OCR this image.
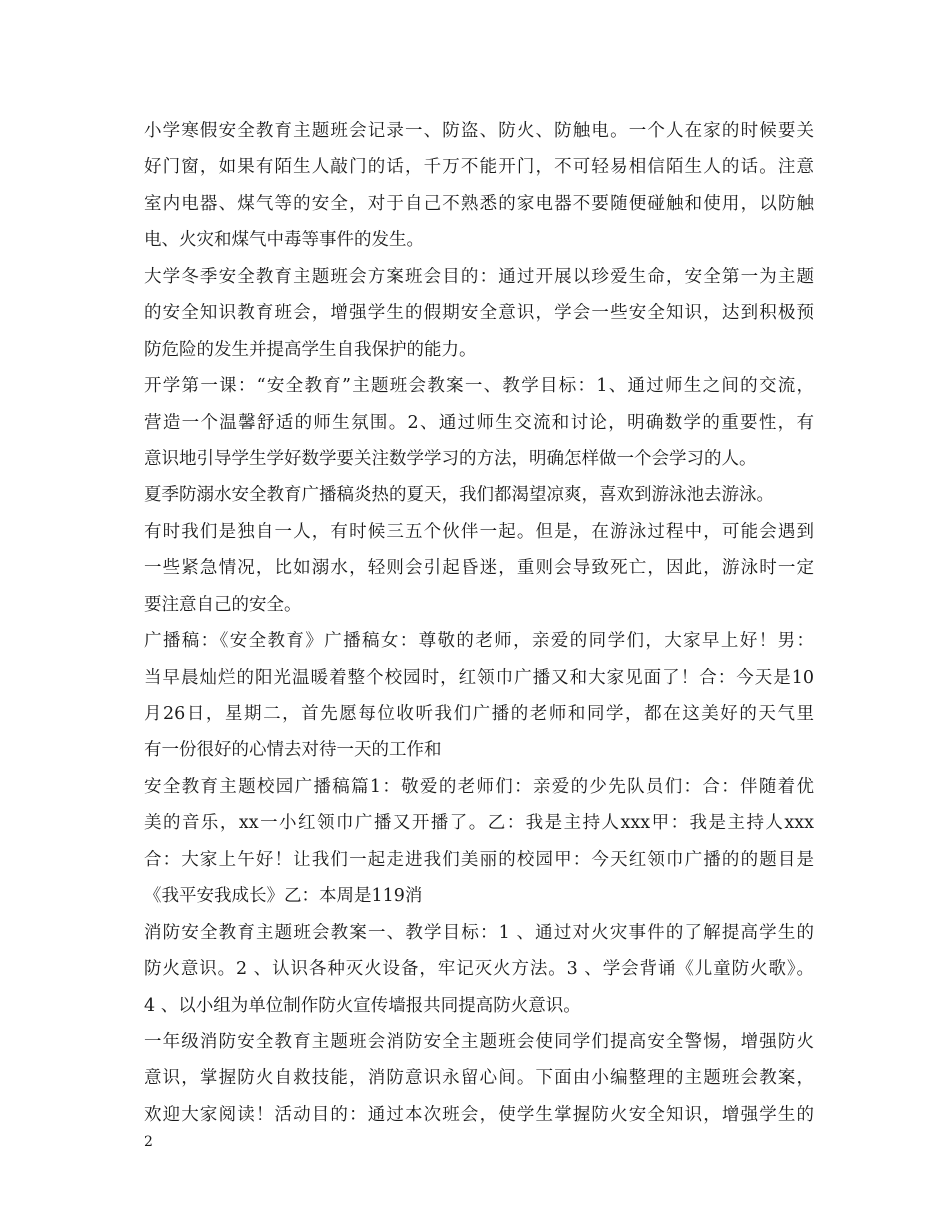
小学寒假安全教育主题班会记录一、防盗、防火、防触电。一个人在家的时候要关
好门窗，如果有陌生人敲门的话，千万不能开门，不可轻易相信陌生人的话。注意
室内电器、煤气等的安全，对于自己不熟悉的家电器不要随便碰触和使用，以防触
电、火灾和煤气中毒等事件的发生。
大学冬季安全教育主题班会方案班会目的：通过开展以珍爱生命，安全第一为主题
的安全知识教育班会，增强学生的假期安全意识，学会一些安全知识，达到积极预
防危险的发生并提高学生自我保护的能力。
开学第一课：“安全教育”主题班会教案一、教学目标：1、通过师生之间的交流，
营造一个温馨舒适的师生氛围。2、通过师生交流和讨论，明确数学的重要性，有
意识地引导学生学好数学要关注数学学习的方法，明确怎样做一个会学习的人。
夏季防溺水安全教育广播稿炎热的夏天，我们都渴望凉爽，喜欢到游泳池去游泳。
有时我们是独自一人，有时候三五个伙伴一起。但是，在游泳过程中，可能会遇到
一些紧急情况，比如溺水，轻则会引起昏迷，重则会导致死亡，因此，游泳时一定
要注意自己的安全。
广播稿：《安全教育》广播稿女：尊敬的老师，亲爱的同学们，大家早上好！男：
当早晨灿烂的阳光温暖着整个校园时，红领巾广播又和大家见面了！合：今天是10
月26日，星期二，首先愿每位收听我们广播的老师和同学，都在这美好的天气里
有一份很好的心情去对待一天的工作和
安全教育主题校园广播稿篇1：敬爱的老师们：亲爱的少先队员们：合：伴随着优
美的音乐，xx一小红领巾广播又开播了。乙：我是主持人xxx甲：我是主持人xxx
合：大家上午好！让我们一起走进我们美丽的校园甲：今天红领巾广播的的题目是
《我平安我成长》乙：本周是119消
消防安全教育主题班会教案一、教学目标：1 、通过对火灾事件的了解提高学生的
防火意识。2 、认识各种灭火设备，牢记灭火方法。3 、学会背诵《儿童防火歌》。
4 、以小组为单位制作防火宣传墙报共同提高防火意识。
一年级消防安全教育主题班会消防安全主题班会使同学们提高安全警惕，增强防火
意识，掌握防火自救技能，消防意识永留心间。下面由小编整理的主题班会教案，
欢迎大家阅读！活动目的：通过本次班会，使学生掌握防火安全知识，增强学生的
2
